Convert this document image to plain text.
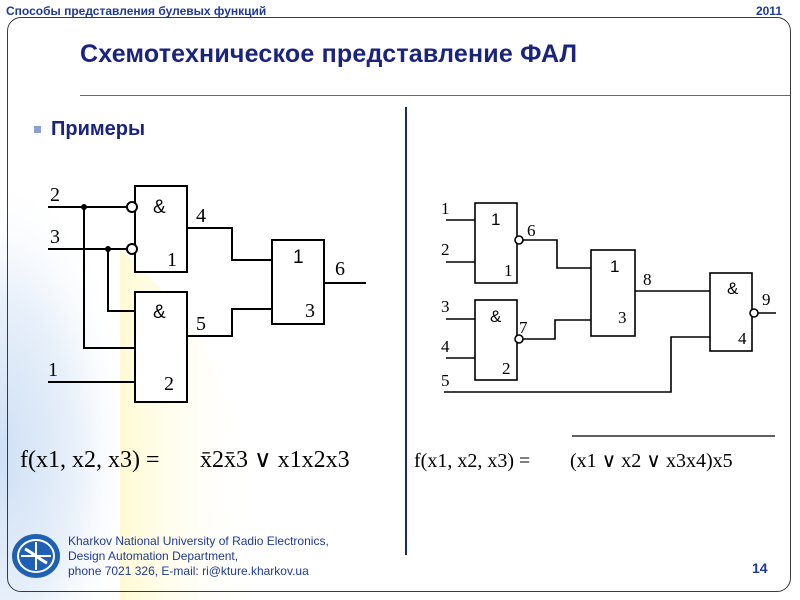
Способы представления булевых функций	2011
Схемотехническое представление ФАЛ
Примеры
2
3
1
&
1
&
2
1
3
4
5
6
1
2
3
4
5
1
1
&
2
1
3
&
4
6
7
8
9
f(x1, x2, x3) = x̄2x̄3 ∨ x1x2x3	f(x1, x2, x3) = (x1 ∨ x2 ∨ x3x4)x5
Kharkov National University of Radio Electronics,
Design Automation Department,
phone 7021 326, E-mail: ri@kture.kharkov.ua	14
